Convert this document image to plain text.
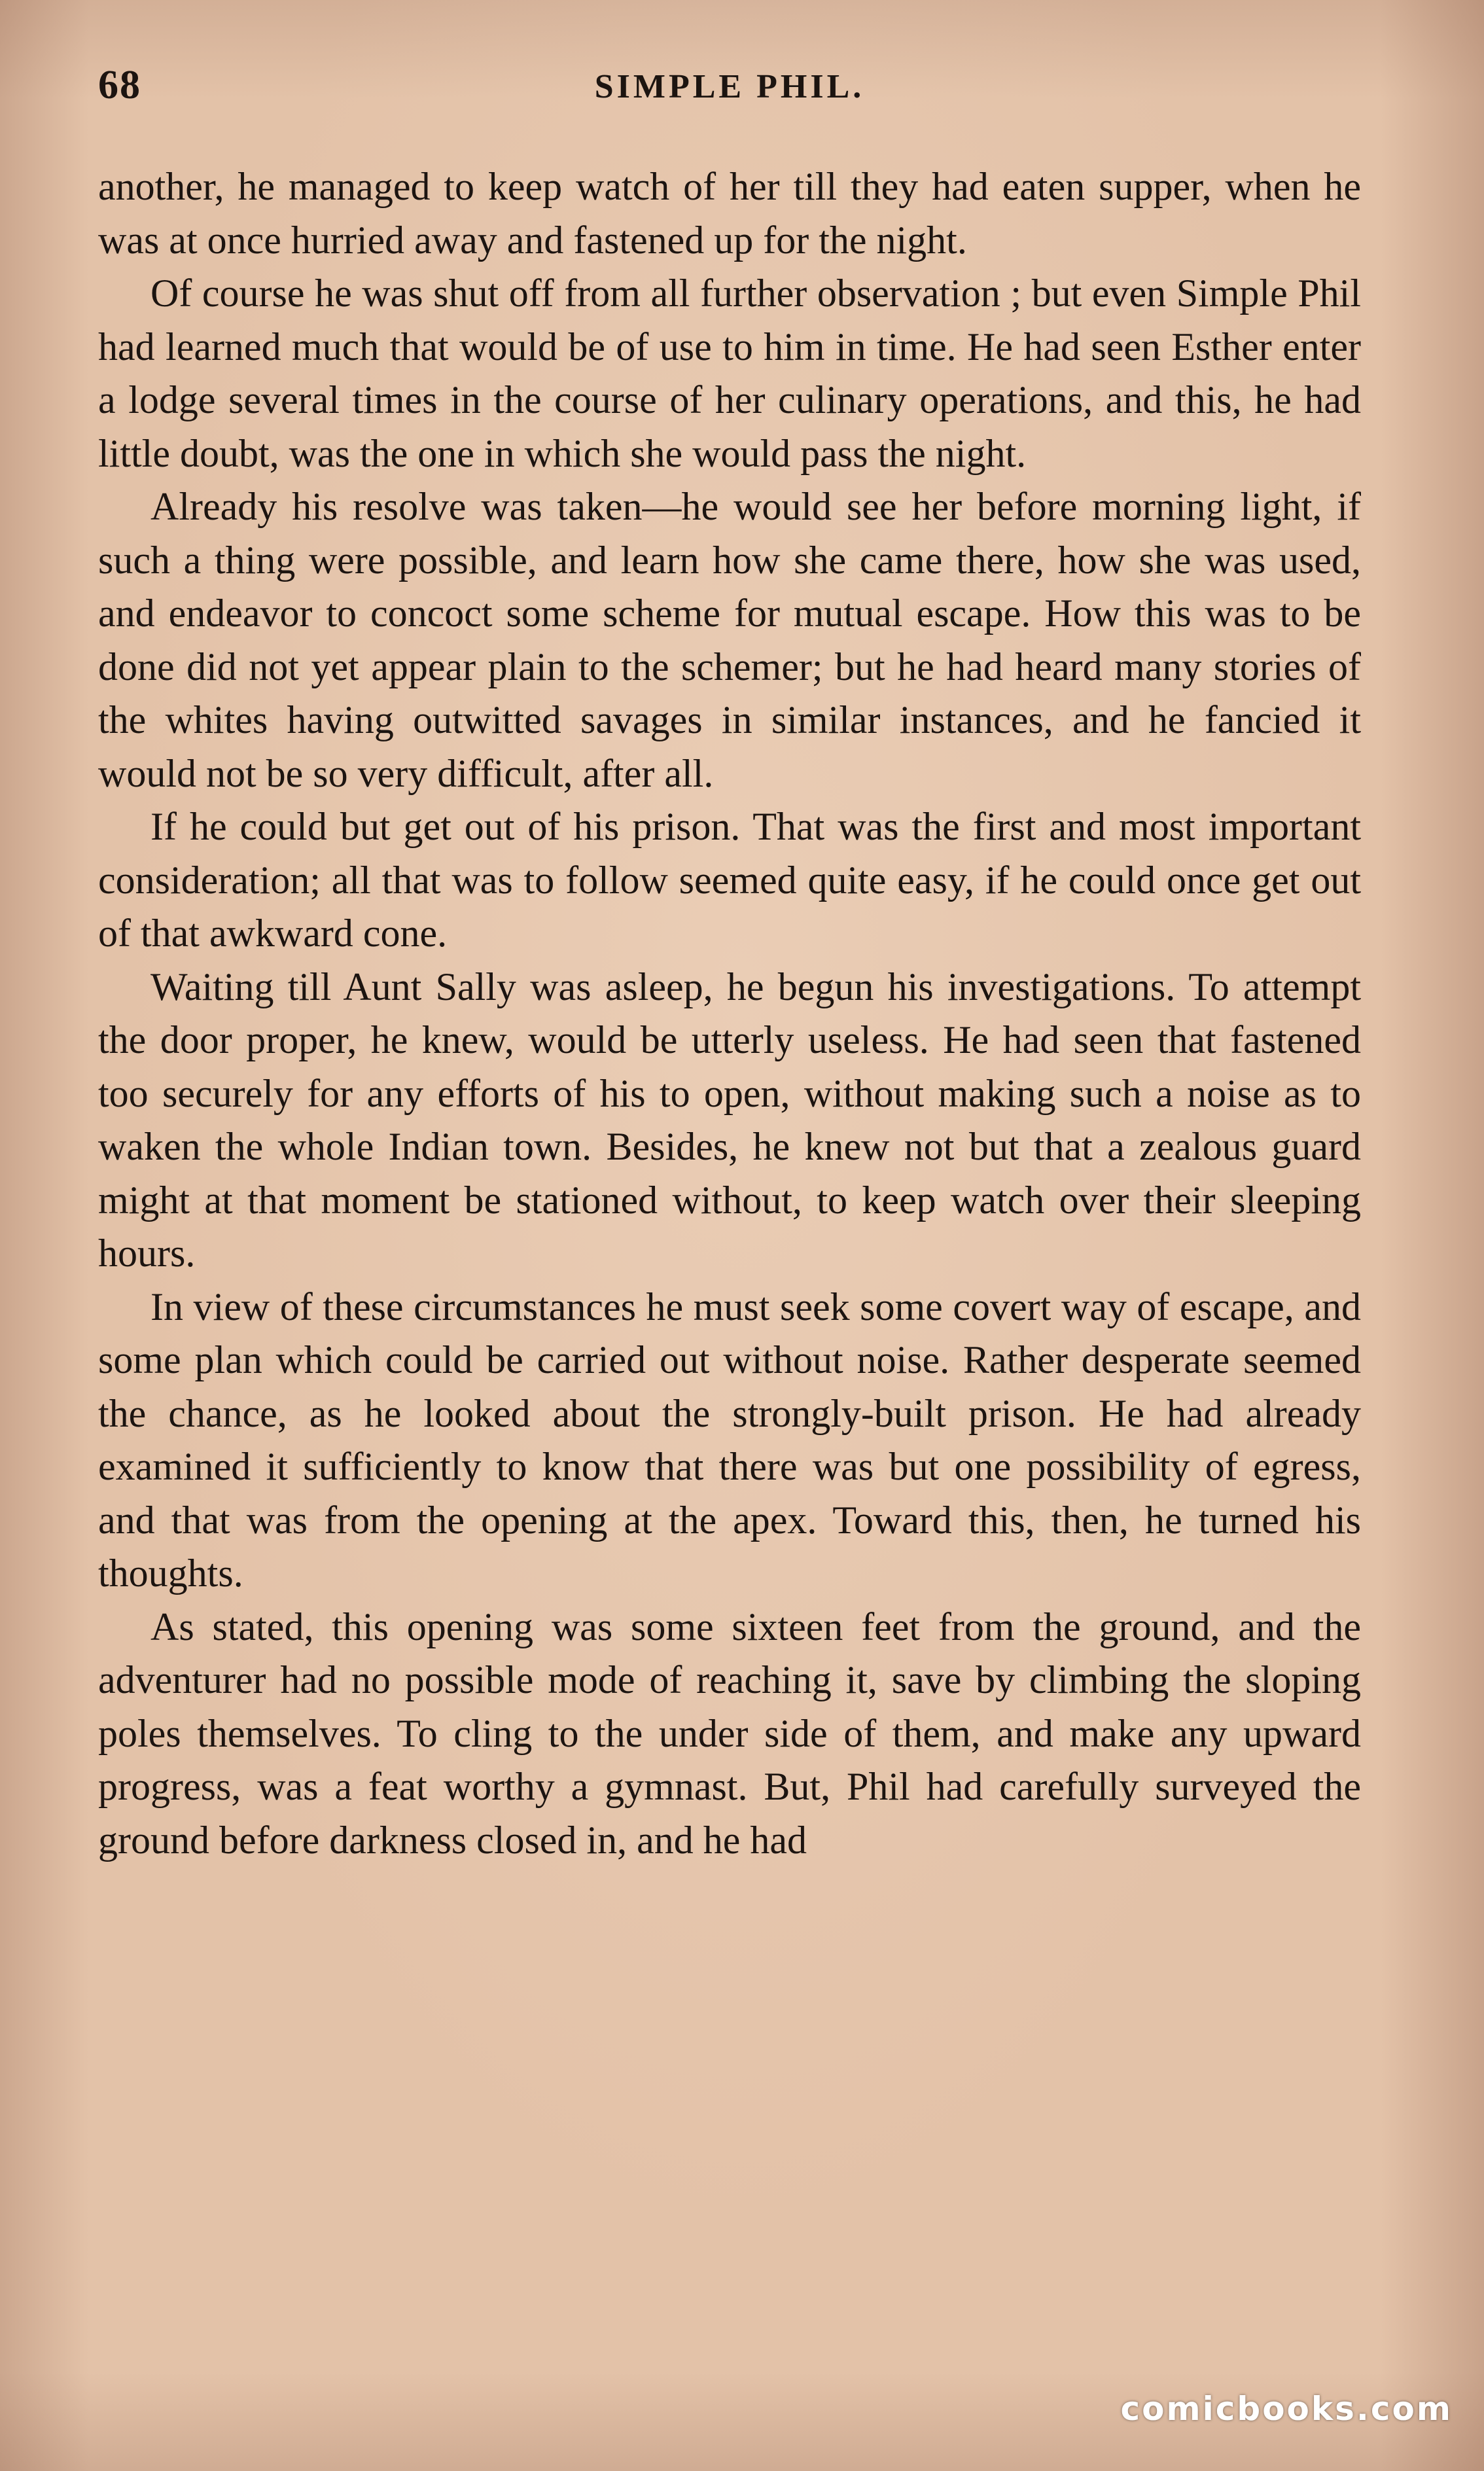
68	SIMPLE PHIL.

another, he managed to keep watch of her till they had eaten supper, when he was at once hurried away and fastened up for the night.

Of course he was shut off from all further observation ; but even Simple Phil had learned much that would be of use to him in time. He had seen Esther enter a lodge several times in the course of her culinary operations, and this, he had little doubt, was the one in which she would pass the night.

Already his resolve was taken—he would see her before morning light, if such a thing were possible, and learn how she came there, how she was used, and endeavor to concoct some scheme for mutual escape. How this was to be done did not yet appear plain to the schemer; but he had heard many stories of the whites having outwitted savages in similar instances, and he fancied it would not be so very difficult, after all.

If he could but get out of his prison. That was the first and most important consideration; all that was to follow seemed quite easy, if he could once get out of that awkward cone.

Waiting till Aunt Sally was asleep, he begun his investigations. To attempt the door proper, he knew, would be utterly useless. He had seen that fastened too securely for any efforts of his to open, without making such a noise as to waken the whole Indian town. Besides, he knew not but that a zealous guard might at that moment be stationed without, to keep watch over their sleeping hours.

In view of these circumstances he must seek some covert way of escape, and some plan which could be carried out without noise. Rather desperate seemed the chance, as he looked about the strongly-built prison. He had already examined it sufficiently to know that there was but one possibility of egress, and that was from the opening at the apex. Toward this, then, he turned his thoughts.

As stated, this opening was some sixteen feet from the ground, and the adventurer had no possible mode of reaching it, save by climbing the sloping poles themselves. To cling to the under side of them, and make any upward progress, was a feat worthy a gymnast. But, Phil had carefully surveyed the ground before darkness closed in, and he had

comicbooks.com
